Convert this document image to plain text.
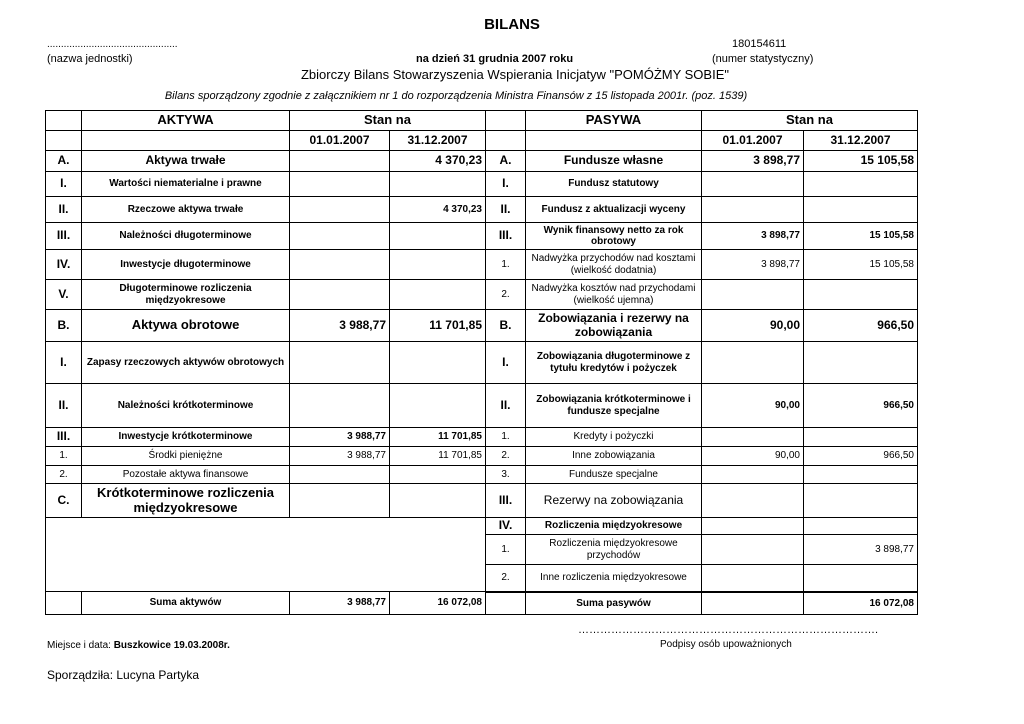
BILANS
...............................................
(nazwa jednostki)	na dzień 31 grudnia 2007 roku
180154611
(numer statystyczny)
Zbiorczy Bilans Stowarzyszenia Wspierania Inicjatyw "POMÓŻMY SOBIE"
Bilans sporządzony zgodnie z załącznikiem nr 1 do rozporządzenia Ministra Finansów z 15 listopada 2001r. (poz. 1539)
	AKTYWA	Stan na			PASYWA	Stan na	
		01.01.2007	31.12.2007			01.01.2007	31.12.2007
A.	Aktywa trwałe		4 370,23	A.	Fundusze własne	3 898,77	15 105,58
I.	Wartości niematerialne i prawne			I.	Fundusz statutowy		
II.	Rzeczowe aktywa trwałe		4 370,23	II.	Fundusz z aktualizacji wyceny		
III.	Należności długoterminowe			III.	Wynik finansowy netto za rok obrotowy	3 898,77	15 105,58
IV.	Inwestycje długoterminowe			1.	Nadwyżka przychodów nad kosztami (wielkość dodatnia)	3 898,77	15 105,58
V.	Długoterminowe rozliczenia międzyokresowe			2.	Nadwyżka kosztów nad przychodami (wielkość ujemna)		
B.	Aktywa obrotowe	3 988,77	11 701,85	B.	Zobowiązania i rezerwy na zobowiązania	90,00	966,50
I.	Zapasy rzeczowych aktywów obrotowych			I.	Zobowiązania długoterminowe z tytułu kredytów i pożyczek		
II.	Należności krótkoterminowe			II.	Zobowiązania krótkoterminowe i fundusze specjalne	90,00	966,50
III.	Inwestycje krótkoterminowe	3 988,77	11 701,85	1.	Kredyty i pożyczki		
1.	Środki pieniężne	3 988,77	11 701,85	2.	Inne zobowiązania	90,00	966,50
2.	Pozostałe aktywa finansowe			3.	Fundusze specjalne		
C.	Krótkoterminowe rozliczenia międzyokresowe			III.	Rezerwy na zobowiązania		
				IV.	Rozliczenia międzyokresowe		
				1.	Rozliczenia międzyokresowe przychodów		3 898,77
				2.	Inne rozliczenia międzyokresowe		
	Suma aktywów	3 988,77	16 072,08		Suma pasywów		16 072,08
Miejsce i data: Buszkowice 19.03.2008r.
……………………………………………………………………….
Podpisy osób upoważnionych
Sporządziła: Lucyna Partyka
